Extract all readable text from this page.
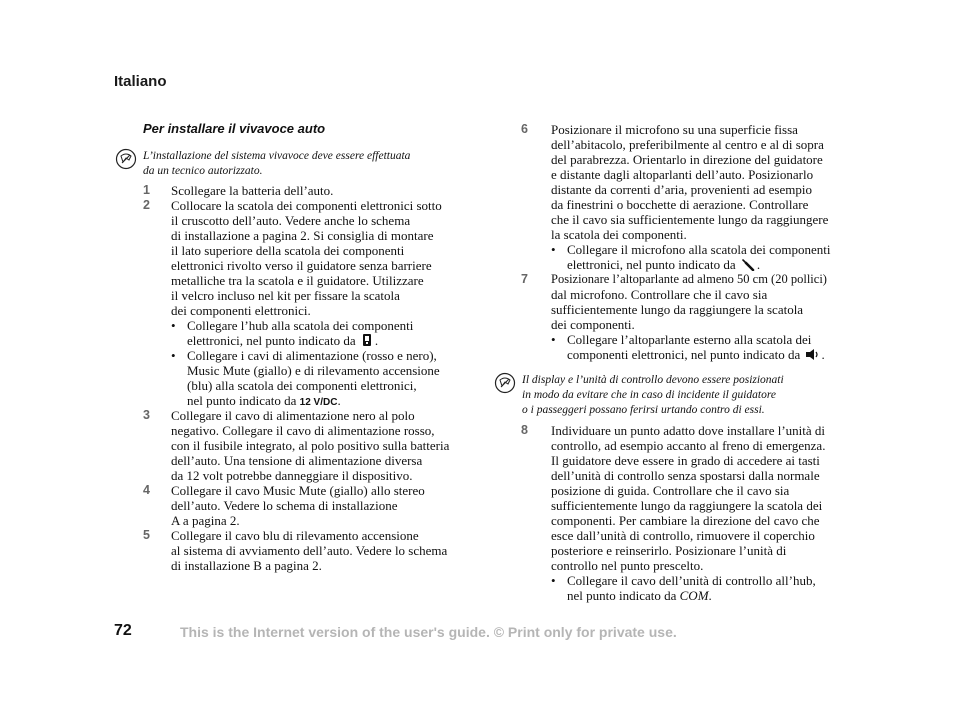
Italiano
Per installare il vivavoce auto
L’installazione del sistema vivavoce deve essere effettuata
da un tecnico autorizzato.
1	Scollegare la batteria dell’auto.
2	Collocare la scatola dei componenti elettronici sotto
il cruscotto dell’auto. Vedere anche lo schema
di installazione a pagina 2. Si consiglia di montare
il lato superiore della scatola dei componenti
elettronici rivolto verso il guidatore senza barriere
metalliche tra la scatola e il guidatore. Utilizzare
il velcro incluso nel kit per fissare la scatola
dei componenti elettronici.
• Collegare l’hub alla scatola dei componenti
elettronici, nel punto indicato da .
• Collegare i cavi di alimentazione (rosso e nero),
Music Mute (giallo) e di rilevamento accensione
(blu) alla scatola dei componenti elettronici,
nel punto indicato da 12 V/DC.
3	Collegare il cavo di alimentazione nero al polo
negativo. Collegare il cavo di alimentazione rosso,
con il fusibile integrato, al polo positivo sulla batteria
dell’auto. Una tensione di alimentazione diversa
da 12 volt potrebbe danneggiare il dispositivo.
4	Collegare il cavo Music Mute (giallo) allo stereo
dell’auto. Vedere lo schema di installazione
A a pagina 2.
5	Collegare il cavo blu di rilevamento accensione
al sistema di avviamento dell’auto. Vedere lo schema
di installazione B a pagina 2.
6	Posizionare il microfono su una superficie fissa
dell’abitacolo, preferibilmente al centro e al di sopra
del parabrezza. Orientarlo in direzione del guidatore
e distante dagli altoparlanti dell’auto. Posizionarlo
distante da correnti d’aria, provenienti ad esempio
da finestrini o bocchette di aerazione. Controllare
che il cavo sia sufficientemente lungo da raggiungere
la scatola dei componenti.
• Collegare il microfono alla scatola dei componenti
elettronici, nel punto indicato da .
7	Posizionare l’altoparlante ad almeno 50 cm (20 pollici)
dal microfono. Controllare che il cavo sia
sufficientemente lungo da raggiungere la scatola
dei componenti.
• Collegare l’altoparlante esterno alla scatola dei
componenti elettronici, nel punto indicato da .
Il display e l’unità di controllo devono essere posizionati
in modo da evitare che in caso di incidente il guidatore
o i passeggeri possano ferirsi urtando contro di essi.
8	Individuare un punto adatto dove installare l’unità di
controllo, ad esempio accanto al freno di emergenza.
Il guidatore deve essere in grado di accedere ai tasti
dell’unità di controllo senza spostarsi dalla normale
posizione di guida. Controllare che il cavo sia
sufficientemente lungo da raggiungere la scatola dei
componenti. Per cambiare la direzione del cavo che
esce dall’unità di controllo, rimuovere il coperchio
posteriore e reinserirlo. Posizionare l’unità di
controllo nel punto prescelto.
• Collegare il cavo dell’unità di controllo all’hub,
nel punto indicato da COM.
72	This is the Internet version of the user's guide. © Print only for private use.
